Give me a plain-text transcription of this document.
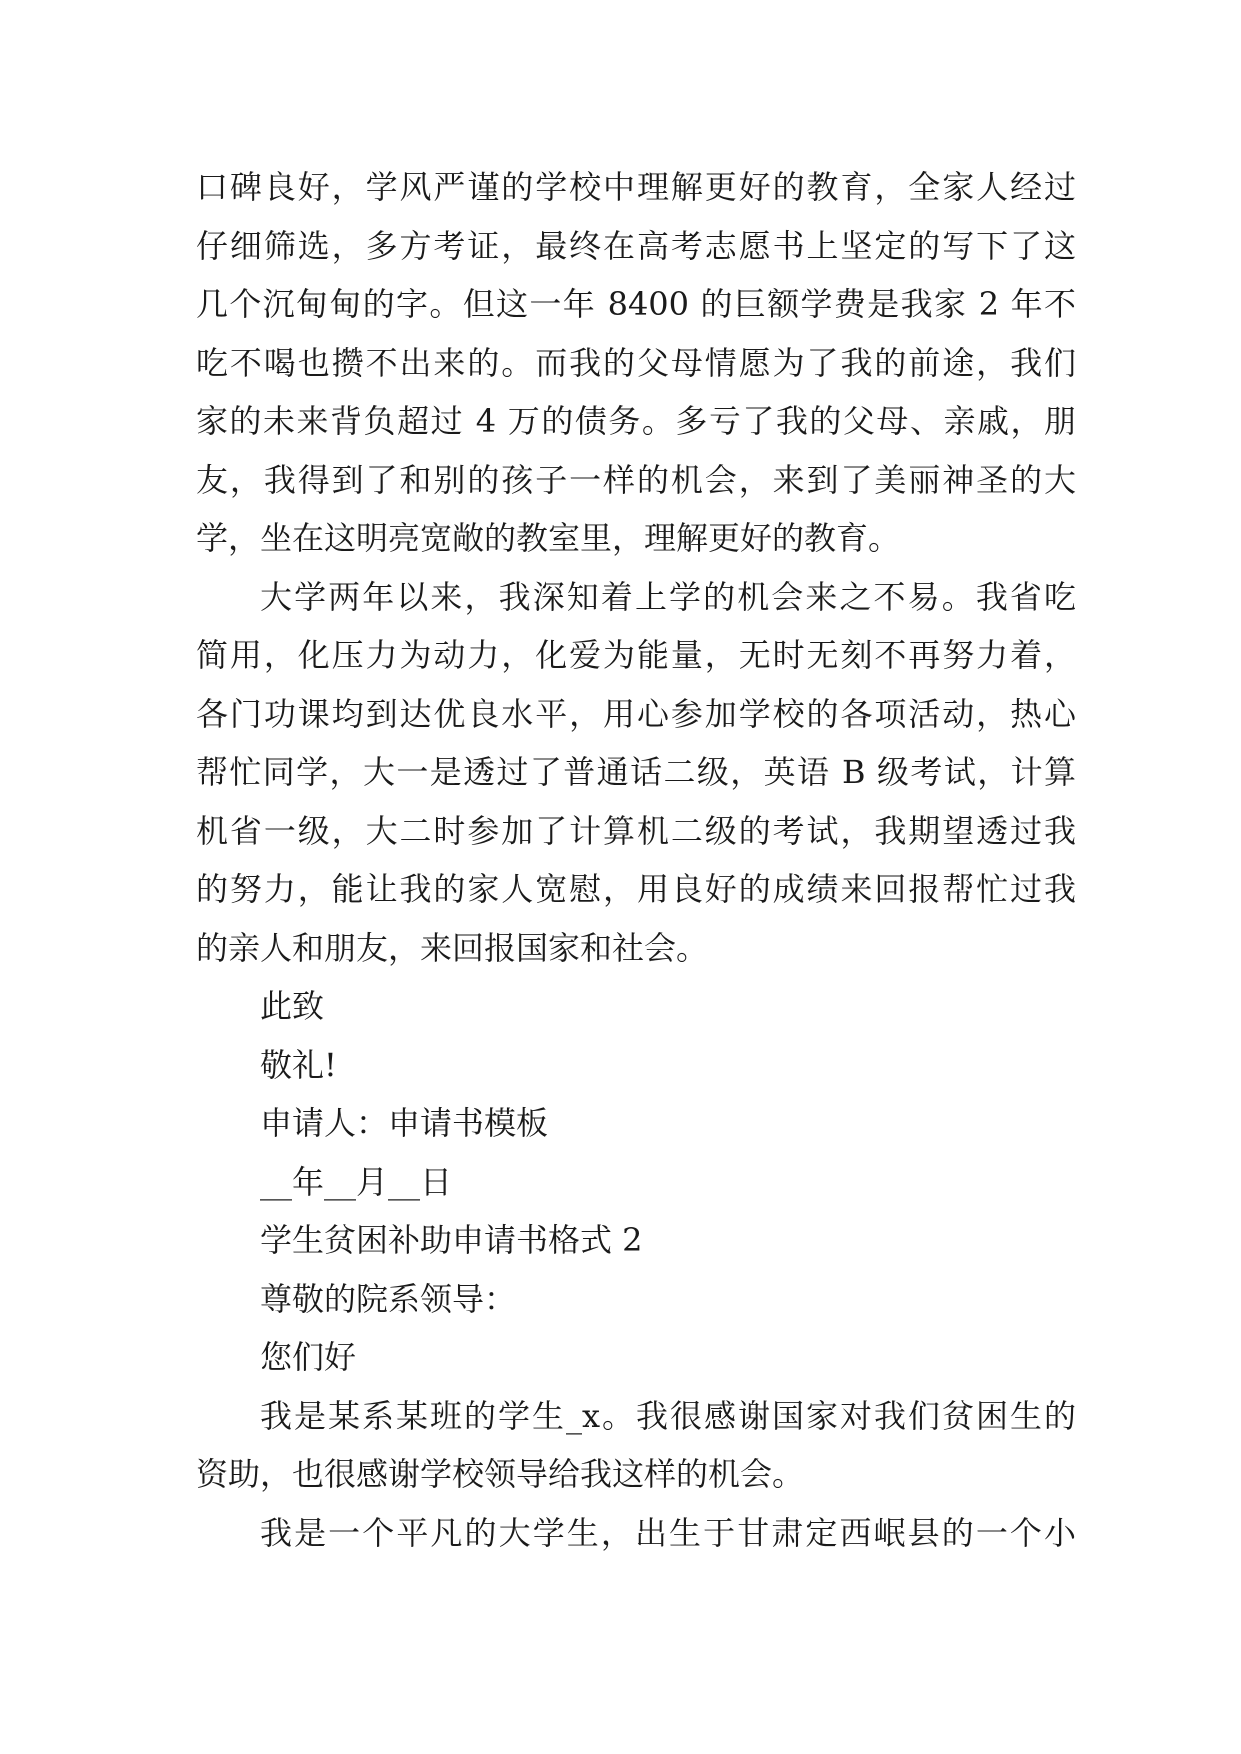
口碑良好，学风严谨的学校中理解更好的教育，全家人经过
仔细筛选，多方考证，最终在高考志愿书上坚定的写下了这
几个沉甸甸的字。但这一年 8400 的巨额学费是我家 2 年不
吃不喝也攒不出来的。而我的父母情愿为了我的前途，我们
家的未来背负超过 4 万的债务。多亏了我的父母、亲戚，朋
友，我得到了和别的孩子一样的机会，来到了美丽神圣的大
学，坐在这明亮宽敞的教室里，理解更好的教育。
大学两年以来，我深知着上学的机会来之不易。我省吃
简用，化压力为动力，化爱为能量，无时无刻不再努力着，
各门功课均到达优良水平，用心参加学校的各项活动，热心
帮忙同学，大一是透过了普通话二级，英语 B 级考试，计算
机省一级，大二时参加了计算机二级的考试，我期望透过我
的努力，能让我的家人宽慰，用良好的成绩来回报帮忙过我
的亲人和朋友，来回报国家和社会。
此致
敬礼!
申请人：申请书模板
__年__月__日
学生贫困补助申请书格式 2
尊敬的院系领导：
您们好
我是某系某班的学生_x。我很感谢国家对我们贫困生的
资助，也很感谢学校领导给我这样的机会。
我是一个平凡的大学生，出生于甘肃定西岷县的一个小
